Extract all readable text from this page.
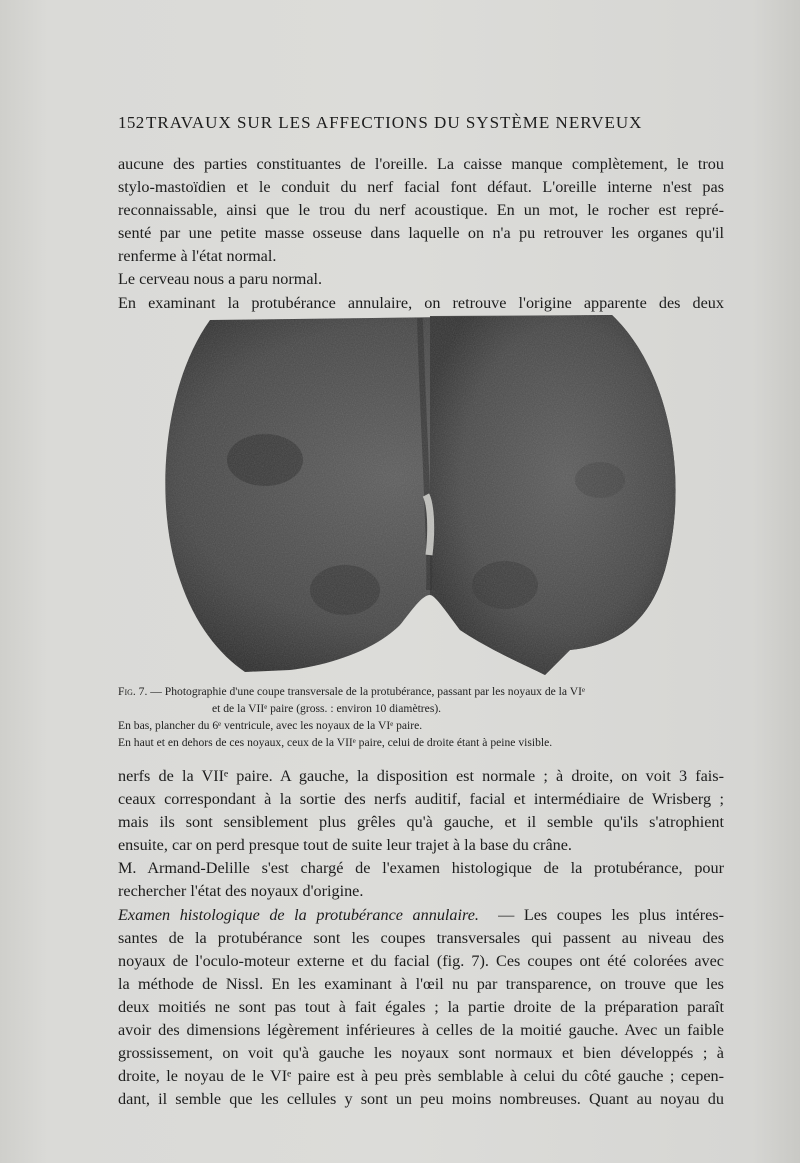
152 TRAVAUX SUR LES AFFECTIONS DU SYSTÈME NERVEUX
aucune des parties constituantes de l'oreille. La caisse manque complètement, le trou
stylo-mastoïdien et le conduit du nerf facial font défaut. L'oreille interne n'est pas
reconnaissable, ainsi que le trou du nerf acoustique. En un mot, le rocher est repré-
senté par une petite masse osseuse dans laquelle on n'a pu retrouver les organes qu'il
renferme à l'état normal.
Le cerveau nous a paru normal.
En examinant la protubérance annulaire, on retrouve l'origine apparente des deux
Fig. 7. — Photographie d'une coupe transversale de la protubérance, passant par les noyaux de la VIᵉ
et de la VIIᵉ paire (gross. : environ 10 diamètres).
En bas, plancher du 6ᵉ ventricule, avec les noyaux de la VIᵉ paire.
En haut et en dehors de ces noyaux, ceux de la VIIᵉ paire, celui de droite étant à peine visible.
nerfs de la VIIᵉ paire. A gauche, la disposition est normale ; à droite, on voit 3 fais-
ceaux correspondant à la sortie des nerfs auditif, facial et intermédiaire de Wrisberg ;
mais ils sont sensiblement plus grêles qu'à gauche, et il semble qu'ils s'atrophient
ensuite, car on perd presque tout de suite leur trajet à la base du crâne.
M. Armand-Delille s'est chargé de l'examen histologique de la protubérance, pour
rechercher l'état des noyaux d'origine.
Examen histologique de la protubérance annulaire. — Les coupes les plus intéres-
santes de la protubérance sont les coupes transversales qui passent au niveau des
noyaux de l'oculo-moteur externe et du facial (fig. 7). Ces coupes ont été colorées avec
la méthode de Nissl. En les examinant à l'œil nu par transparence, on trouve que les
deux moitiés ne sont pas tout à fait égales ; la partie droite de la préparation paraît
avoir des dimensions légèrement inférieures à celles de la moitié gauche. Avec un faible
grossissement, on voit qu'à gauche les noyaux sont normaux et bien développés ; à
droite, le noyau de le VIᵉ paire est à peu près semblable à celui du côté gauche ; cepen-
dant, il semble que les cellules y sont un peu moins nombreuses. Quant au noyau du
